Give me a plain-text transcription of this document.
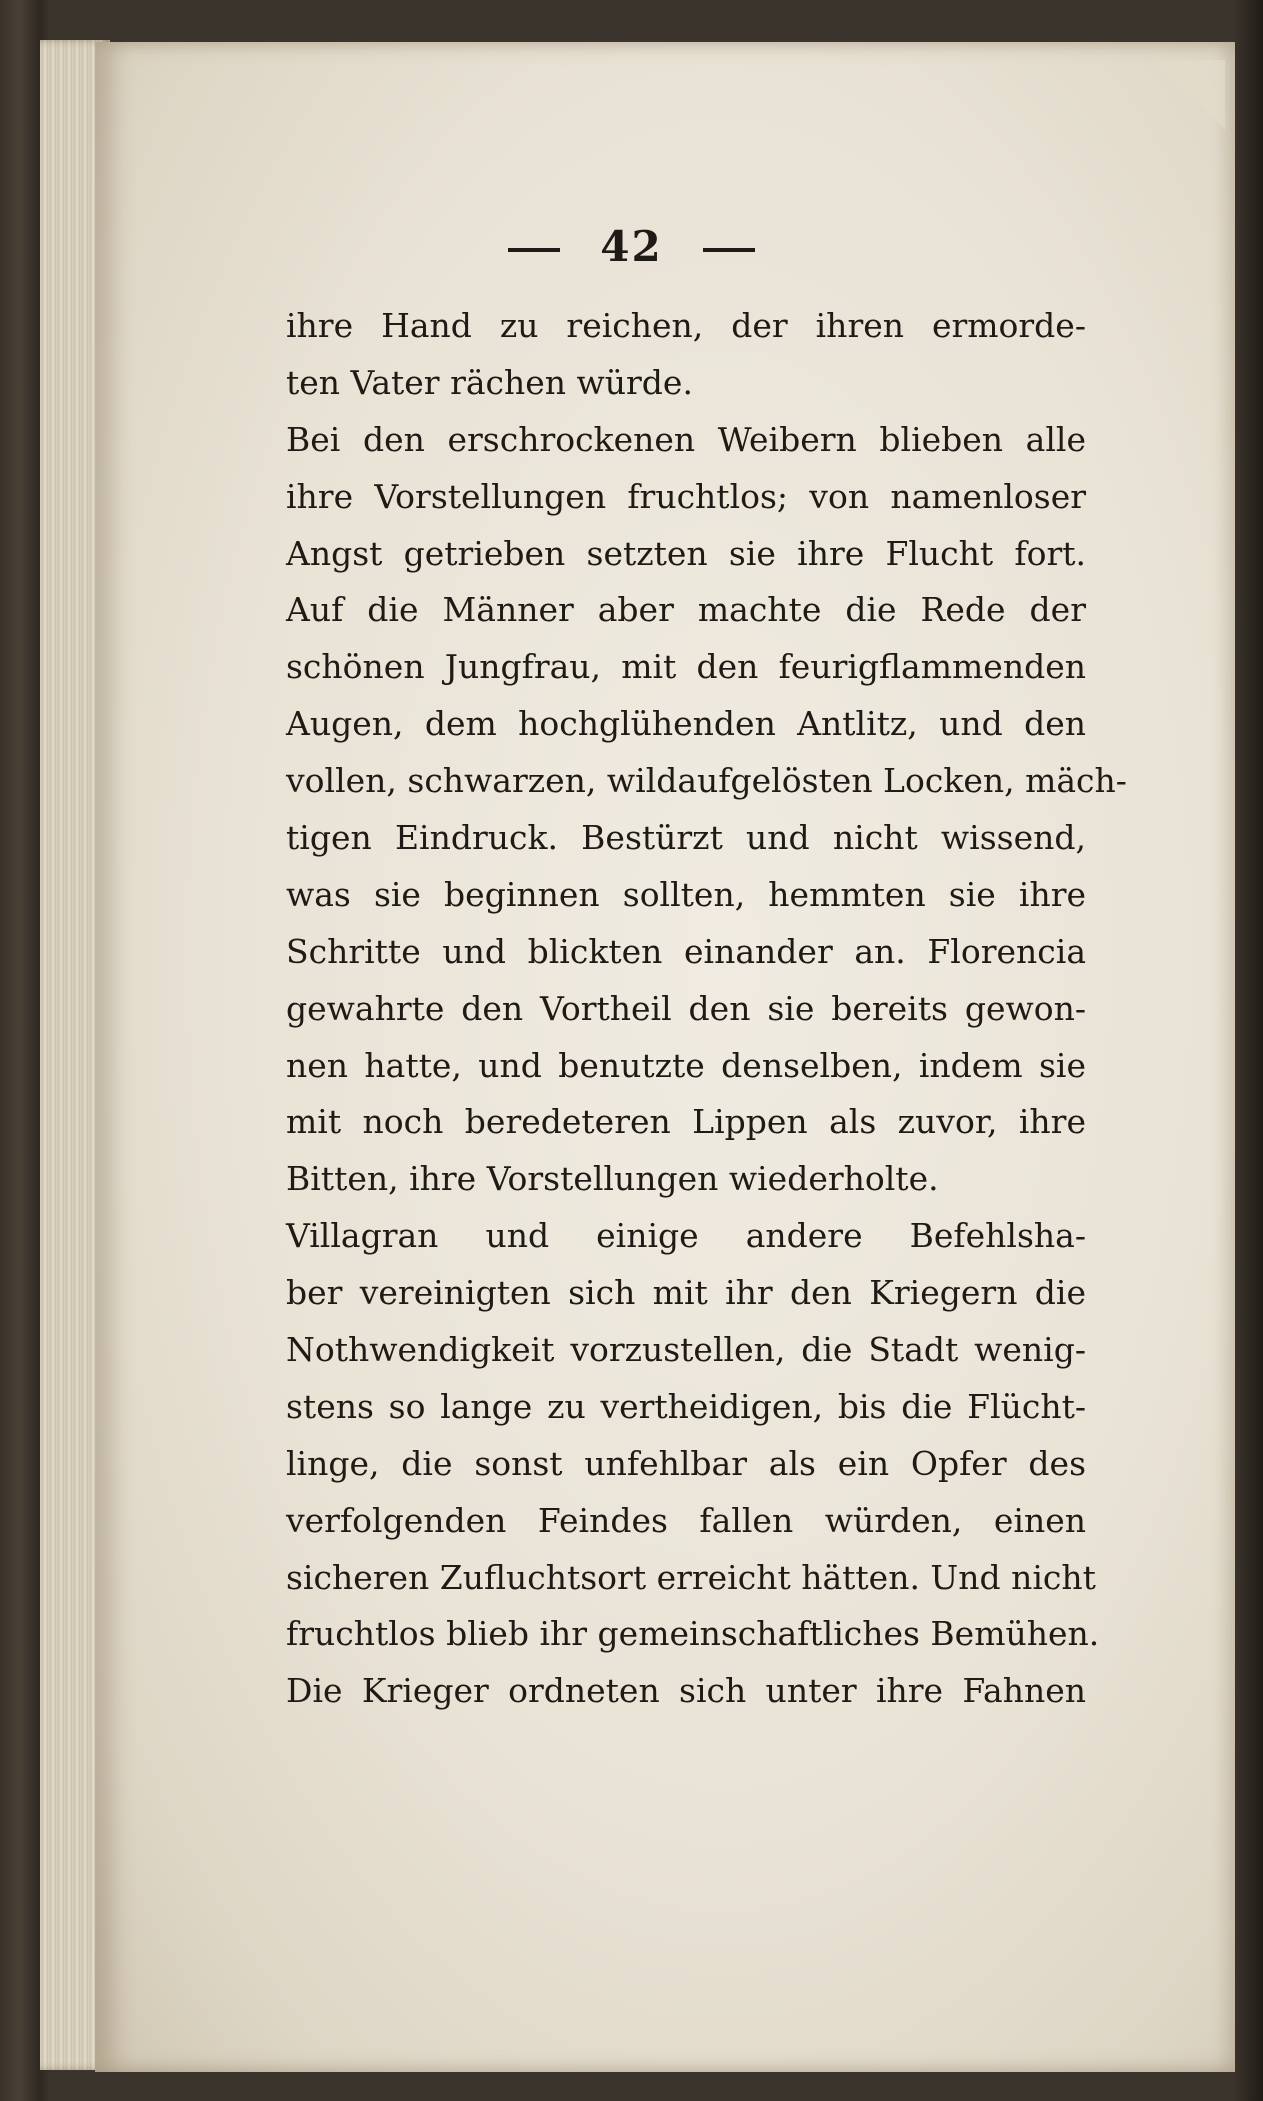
42
ihre Hand zu reichen, der ihren ermorde-
ten Vater rächen würde.
Bei den erschrockenen Weibern blieben alle
ihre Vorstellungen fruchtlos; von namenloser
Angst getrieben setzten sie ihre Flucht fort.
Auf die Männer aber machte die Rede der
schönen Jungfrau, mit den feurigflammenden
Augen, dem hochglühenden Antlitz, und den
vollen, schwarzen, wildaufgelösten Locken, mäch-
tigen Eindruck. Bestürzt und nicht wissend,
was sie beginnen sollten, hemmten sie ihre
Schritte und blickten einander an. Florencia
gewahrte den Vortheil den sie bereits gewon-
nen hatte, und benutzte denselben, indem sie
mit noch beredeteren Lippen als zuvor, ihre
Bitten, ihre Vorstellungen wiederholte.
Villagran und einige andere Befehlsha-
ber vereinigten sich mit ihr den Kriegern die
Nothwendigkeit vorzustellen, die Stadt wenig-
stens so lange zu vertheidigen, bis die Flücht-
linge, die sonst unfehlbar als ein Opfer des
verfolgenden Feindes fallen würden, einen
sicheren Zufluchtsort erreicht hätten. Und nicht
fruchtlos blieb ihr gemeinschaftliches Bemühen.
Die Krieger ordneten sich unter ihre Fahnen
